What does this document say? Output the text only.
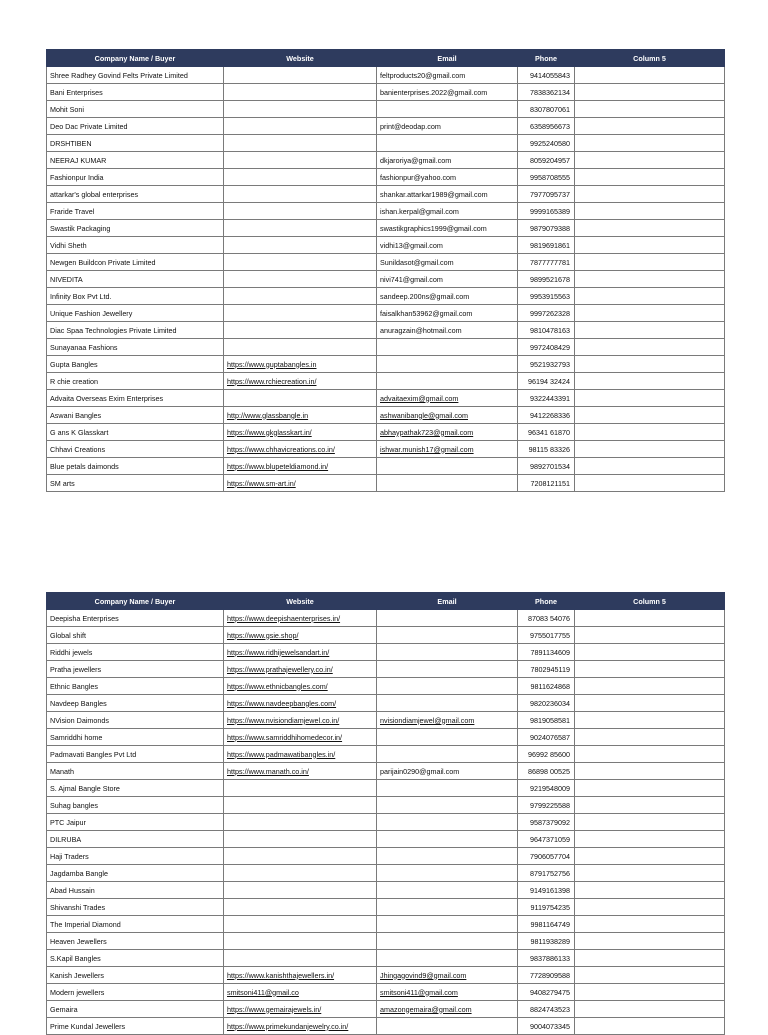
Company Name / Buyer	Website	Email	Phone	Column 5
Shree Radhey Govind Felts Private Limited		feltproducts20@gmail.com	9414055843	
Bani Enterprises		banienterprises.2022@gmail.com	7838362134	
Mohit Soni			8307807061	
Deo Dac Private Limited		print@deodap.com	6358956673	
DRSHTIBEN			9925240580	
NEERAJ KUMAR		dkjaroriya@gmail.com	8059204957	
Fashionpur India		fashionpur@yahoo.com	9958708555	
attarkar's global enterprises		shankar.attarkar1989@gmail.com	7977095737	
Fraride Travel		ishan.kerpal@gmail.com	9999165389	
Swastik Packaging		swastikgraphics1999@gmail.com	9879079388	
Vidhi Sheth		vidhi13@gmail.com	9819691861	
Newgen Buildcon Private Limited		Sunildasot@gmail.com	7877777781	
NIVEDITA		nivi741@gmail.com	9899521678	
Infinity Box Pvt Ltd.		sandeep.200ns@gmail.com	9953915563	
Unique Fashion Jewellery		faisalkhan53962@gmail.com	9997262328	
Diac Spaa Technologies Private Limited		anuragzain@hotmail.com	9810478163	
Sunayanaa Fashions			9972408429	
Gupta Bangles	https://www.guptabangles.in		9521932793	
R chie creation	https://www.rchiecreation.in/		96194 32424	
Advaita Overseas Exim Enterprises		advaitaexim@gmail.com	9322443391	
Aswani Bangles	http://www.glassbangle.in	ashwanibangle@gmail.com	9412268336	
G ans K Glasskart	https://www.gkglasskart.in/	abhaypathak723@gmail.com	96341 61870	
Chhavi Creations	https://www.chhavicreations.co.in/	ishwar.munish17@gmail.com	98115 83326	
Blue petals daimonds	https://www.blupeteldiamond.in/		9892701534	
SM arts	https://www.sm-art.in/		7208121151	
Company Name / Buyer	Website	Email	Phone	Column 5
Deepisha Enterprises	https://www.deepishaenterprises.in/		87083 54076	
Global shift	https://www.gsie.shop/		9755017755	
Riddhi jewels	https://www.ridhijewelsandart.in/		7891134609	
Pratha jewellers	https://www.prathajewellery.co.in/		7802945119	
Ethnic Bangles	https://www.ethnicbangles.com/		9811624868	
Navdeep Bangles	https://www.navdeepbangles.com/		9820236034	
NVision Daimonds	https://www.nvisiondiamjewel.co.in/	nvisiondiamjewel@gmail.com	9819058581	
Samriddhi home	https://www.samriddhihomedecor.in/		9024076587	
Padmavati Bangles Pvt Ltd	https://www.padmawatibangles.in/		96992 85600	
Manath	https://www.manath.co.in/	parijain0290@gmail.com	86898 00525	
S. Ajmal Bangle Store			9219548009	
Suhag bangles			9799225588	
PTC Jaipur			9587379092	
DILRUBA			9647371059	
Haji Traders			7906057704	
Jagdamba Bangle			8791752756	
Abad Hussain			9149161398	
Shivanshi Trades			9119754235	
The Imperial Diamond			9981164749	
Heaven Jewellers			9811938289	
S.Kapil Bangles			9837886133	
Kanish Jewellers	https://www.kanishthajewellers.in/	Jhingagovind9@gmail.com	7728909588	
Modern jewellers	smitsoni411@gmail.co	smitsoni411@gmail.com	9408279475	
Gemaira	https://www.gemairajewels.in/	amazongemaira@gmail.com	8824743523	
Prime Kundal Jewellers	https://www.primekundanjewelry.co.in/		9004073345	
